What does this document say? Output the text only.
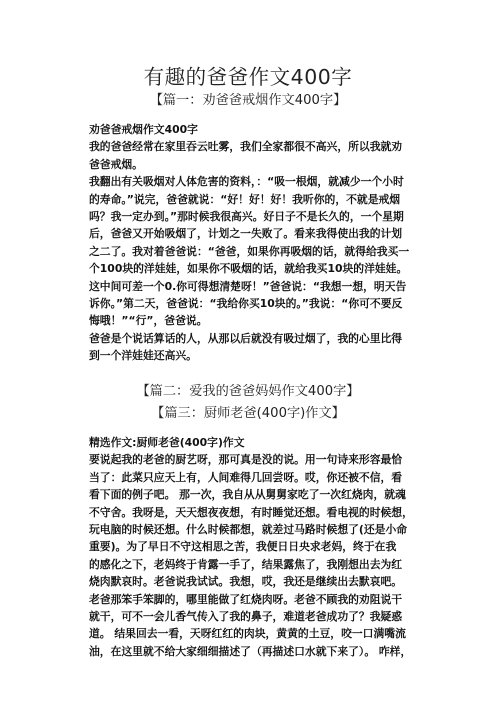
有趣的爸爸作文400字
【篇一：劝爸爸戒烟作文400字】
劝爸爸戒烟作文400字
我的爸爸经常在家里吞云吐雾，我们全家都很不高兴，所以我就劝
爸爸戒烟。
我翻出有关吸烟对人体危害的资料，：“吸一根烟，就减少一个小时
的寿命。”说完，爸爸就说：“好！好！好！我听你的，不就是戒烟
吗？我一定办到。”那时候我很高兴。好日子不是长久的，一个星期
后，爸爸又开始吸烟了，计划之一失败了。看来我得使出我的计划
之二了。我对着爸爸说：“爸爸，如果你再吸烟的话，就得给我买一
个100块的洋娃娃，如果你不吸烟的话，就给我买10块的洋娃娃。
这中间可差一个0.你可得想清楚呀！”爸爸说：“我想一想，明天告
诉你。”第二天，爸爸说：“我给你买10块的。”我说：“你可不要反
悔哦！”“行”，爸爸说。
爸爸是个说话算话的人，从那以后就没有吸过烟了，我的心里比得
到一个洋娃娃还高兴。
【篇二：爱我的爸爸妈妈作文400字】
【篇三：厨师老爸(400字)作文】
精选作文:厨师老爸(400字)作文
要说起我的老爸的厨艺呀，那可真是没的说。用一句诗来形容最恰
当了：此菜只应天上有，人间难得几回尝呀。哎，你还被不信，看
看下面的例子吧。 那一次，我自从从舅舅家吃了一次红烧肉，就魂
不守舍。我呀是，天天想夜夜想，有时睡觉还想。看电视的时候想，
玩电脑的时候还想。什么时候都想，就差过马路时候想了(还是小命
重要)。为了早日不守这相思之苦，我便日日央求老妈，终于在我
的感化之下，老妈终于肯露一手了，结果露焦了，我刚想出去为红
烧肉默哀时。老爸说我试试。我想，哎，我还是继续出去默哀吧。
老爸那笨手笨脚的，哪里能做了红烧肉呀。老爸不顾我的劝阻说干
就干，可不一会儿香气传入了我的鼻子，难道老爸成功了？我疑惑
道。 结果回去一看，天呀红红的肉块，黄黄的土豆，咬一口满嘴流
油，在这里就不给大家细细描述了（再描述口水就下来了）。 咋样，
